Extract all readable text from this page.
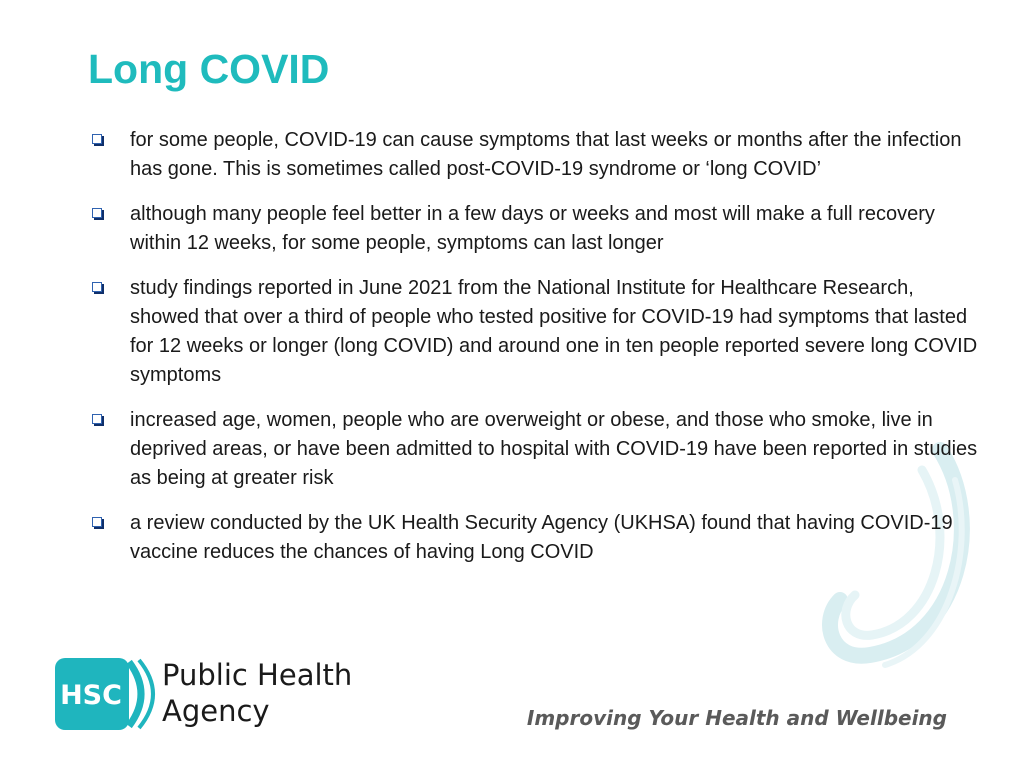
Long COVID
for some people, COVID-19 can cause symptoms that last weeks or months after the infection has gone. This is sometimes called post-COVID-19 syndrome or ‘long COVID’
although many people feel better in a few days or weeks and most will make a full recovery within 12 weeks, for some people, symptoms can last longer
study findings reported in June 2021 from the National Institute for Healthcare Research, showed that over a third of people who tested positive for COVID-19 had symptoms that lasted for 12 weeks or longer (long COVID) and around one in ten people reported severe long COVID symptoms
increased age, women, people who are overweight or obese, and those who smoke, live in deprived areas, or have been admitted to hospital with COVID-19 have been reported in studies as being at greater risk
a review conducted by the UK Health Security Agency (UKHSA) found that having COVID-19 vaccine reduces the chances of having Long COVID
HSC
Public Health
Agency	Improving Your Health and Wellbeing
